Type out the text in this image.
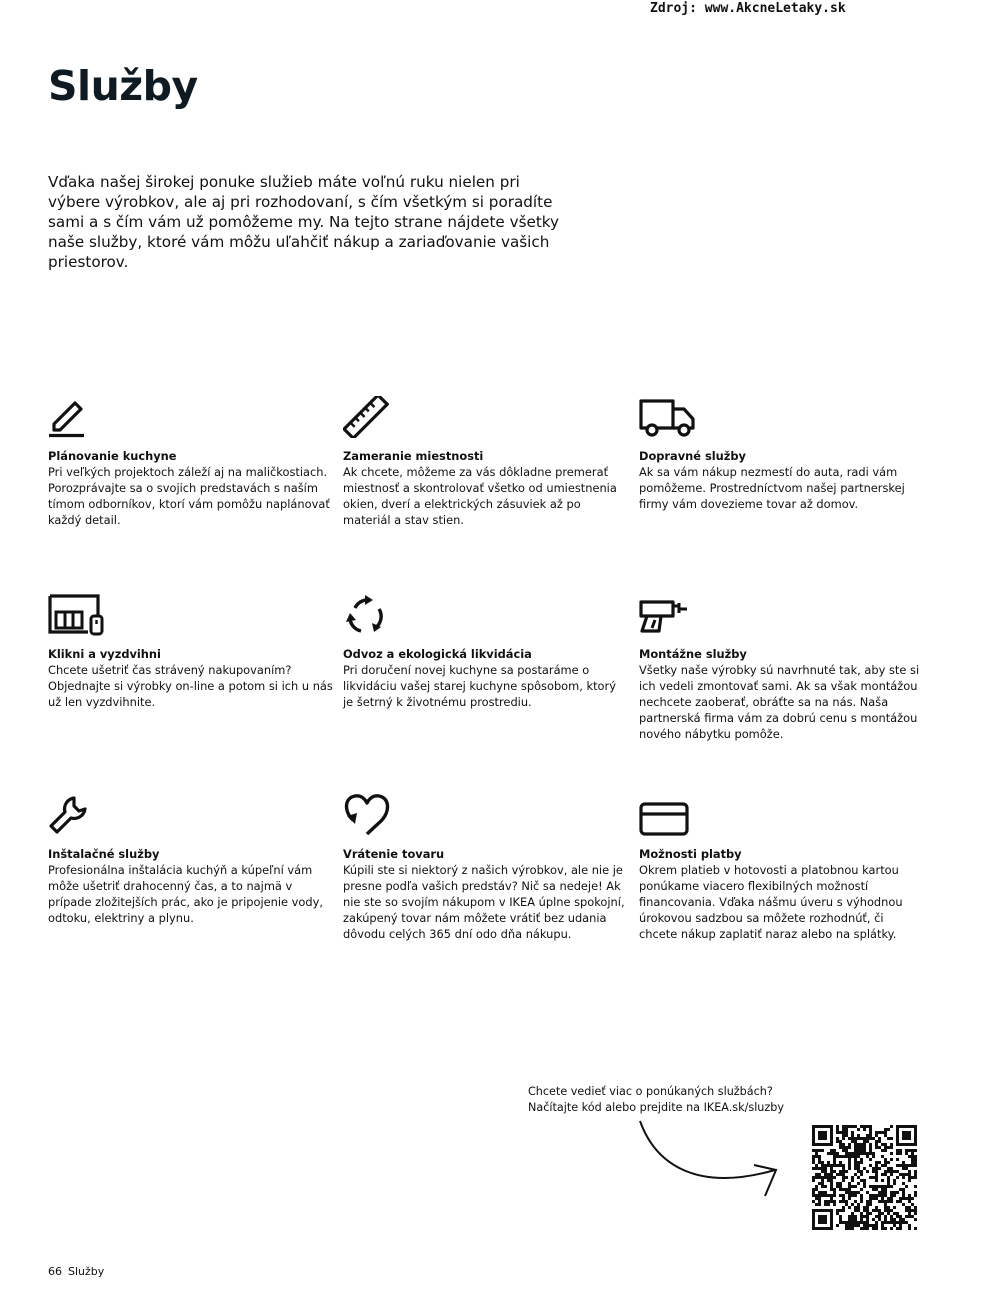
Zdroj: www.AkcneLetaky.sk
Služby

Vďaka našej širokej ponuke služieb máte voľnú ruku nielen pri výbere výrobkov, ale aj pri rozhodovaní, s čím všetkým si poradíte sami a s čím vám už pomôžeme my. Na tejto strane nájdete všetky naše služby, ktoré vám môžu uľahčiť nákup a zariaďovanie vašich priestorov.

Plánovanie kuchyne

Pri veľkých projektoch záleží aj na maličkostiach. Porozprávajte sa o svojich predstavách s naším tímom odborníkov, ktorí vám pomôžu naplánovať každý detail.

Zameranie miestnosti

Ak chcete, môžeme za vás dôkladne premerať miestnosť a skontrolovať všetko od umiestnenia okien, dverí a elektrických zásuviek až po materiál a stav stien.

Dopravné služby

Ak sa vám nákup nezmestí do auta, radi vám pomôžeme. Prostredníctvom našej partnerskej firmy vám dovezieme tovar až domov.

Klikni a vyzdvihni

Chcete ušetriť čas strávený nakupovaním? Objednajte si výrobky on-line a potom si ich u nás už len vyzdvihnite.

Odvoz a ekologická likvidácia

Pri doručení novej kuchyne sa postaráme o likvidáciu vašej starej kuchyne spôsobom, ktorý je šetrný k životnému prostrediu.

Montážne služby

Všetky naše výrobky sú navrhnuté tak, aby ste si ich vedeli zmontovať sami. Ak sa však montážou nechcete zaoberať, obráťte sa na nás. Naša partnerská firma vám za dobrú cenu s montážou nového nábytku pomôže.

Inštalačné služby

Profesionálna inštalácia kuchýň a kúpeľní vám môže ušetriť drahocenný čas, a to najmä v prípade zložitejších prác, ako je pripojenie vody, odtoku, elektriny a plynu.

Vrátenie tovaru

Kúpili ste si niektorý z našich výrobkov, ale nie je presne podľa vašich predstáv? Nič sa nedeje! Ak nie ste so svojím nákupom v IKEA úplne spokojní, zakúpený tovar nám môžete vrátiť bez udania dôvodu celých 365 dní odo dňa nákupu.

Možnosti platby

Okrem platieb v hotovosti a platobnou kartou ponúkame viacero flexibilných možností financovania. Vďaka nášmu úveru s výhodnou úrokovou sadzbou sa môžete rozhodnúť, či chcete nákup zaplatiť naraz alebo na splátky.

Chcete vedieť viac o ponúkaných službách?
Načítajte kód alebo prejdite na IKEA.sk/sluzby
66 Služby
